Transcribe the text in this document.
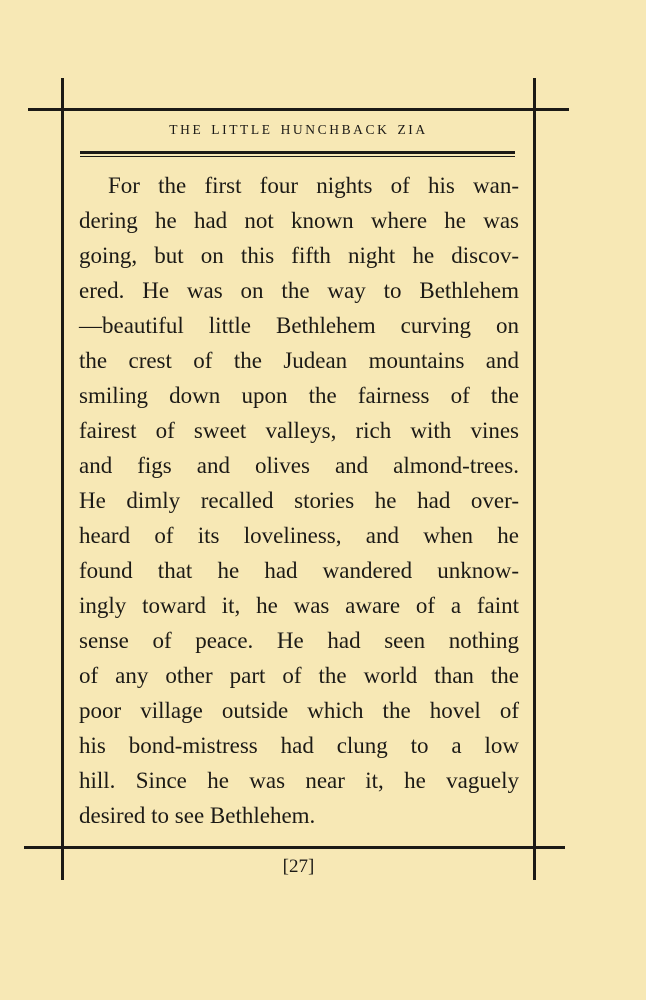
THE LITTLE HUNCHBACK ZIA

For the first four nights of his wan-
dering he had not known where he was
going, but on this fifth night he discov-
ered. He was on the way to Bethlehem
—beautiful little Bethlehem curving on
the crest of the Judean mountains and
smiling down upon the fairness of the
fairest of sweet valleys, rich with vines
and figs and olives and almond-trees.
He dimly recalled stories he had over-
heard of its loveliness, and when he
found that he had wandered unknow-
ingly toward it, he was aware of a faint
sense of peace. He had seen nothing
of any other part of the world than the
poor village outside which the hovel of
his bond-mistress had clung to a low
hill. Since he was near it, he vaguely
desired to see Bethlehem.

[27]
